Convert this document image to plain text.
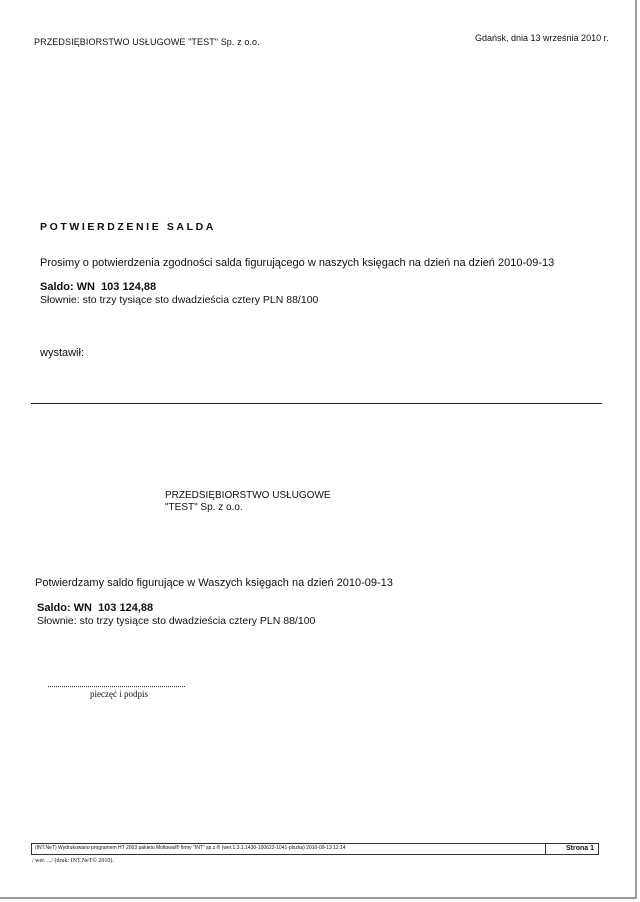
PRZEDSIĘBIORSTWO USŁUGOWE "TEST" Sp. z o.o.	Gdańsk, dnia 13 września 2010 r.
POTWIERDZENIE SALDA
Prosimy o potwierdzenia zgodności salda figurującego w naszych księgach na dzień na dzień 2010-09-13
Saldo: WN 103 124,88
Słownie: sto trzy tysiące sto dwadzieścia cztery PLN 88/100
wystawił:
PRZEDSIĘBIORSTWO USŁUGOWE
"TEST" Sp. z o.o.
Potwierdzamy saldo figurujące w Waszych księgach na dzień 2010-09-13
Saldo: WN 103 124,88
Słownie: sto trzy tysiące sto dwadzieścia cztery PLN 88/100
pieczęć i podpis
(INT.NeT) Wydrukowano programem HT 2003 pakietu Moltowal® firmy "INT" sp.z.® (wer.1.3.1.1430-100622-1041-plszka) 2010-09-13 12:14	Strona 1
/ wer. .../ (druk: INT.NeT© 2010).
